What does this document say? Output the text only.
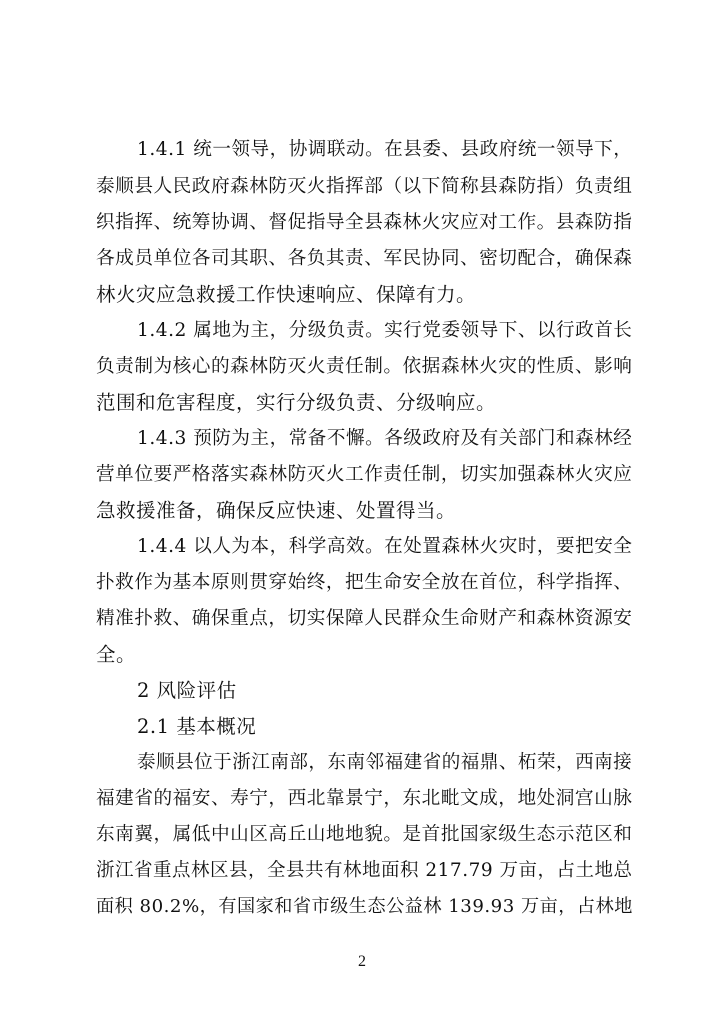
1.4.1 统一领导，协调联动。在县委、县政府统一领导下，
泰顺县人民政府森林防灭火指挥部（以下简称县森防指）负责组
织指挥、统筹协调、督促指导全县森林火灾应对工作。县森防指
各成员单位各司其职、各负其责、军民协同、密切配合，确保森
林火灾应急救援工作快速响应、保障有力。
1.4.2 属地为主，分级负责。实行党委领导下、以行政首长
负责制为核心的森林防灭火责任制。依据森林火灾的性质、影响
范围和危害程度，实行分级负责、分级响应。
1.4.3 预防为主，常备不懈。各级政府及有关部门和森林经
营单位要严格落实森林防灭火工作责任制，切实加强森林火灾应
急救援准备，确保反应快速、处置得当。
1.4.4 以人为本，科学高效。在处置森林火灾时，要把安全
扑救作为基本原则贯穿始终，把生命安全放在首位，科学指挥、
精准扑救、确保重点，切实保障人民群众生命财产和森林资源安
全。
2 风险评估
2.1 基本概况
泰顺县位于浙江南部，东南邻福建省的福鼎、柘荣，西南接
福建省的福安、寿宁，西北靠景宁，东北毗文成，地处洞宫山脉
东南翼，属低中山区高丘山地地貌。是首批国家级生态示范区和
浙江省重点林区县，全县共有林地面积 217.79 万亩，占土地总
面积 80.2%，有国家和省市级生态公益林 139.93 万亩，占林地
2
